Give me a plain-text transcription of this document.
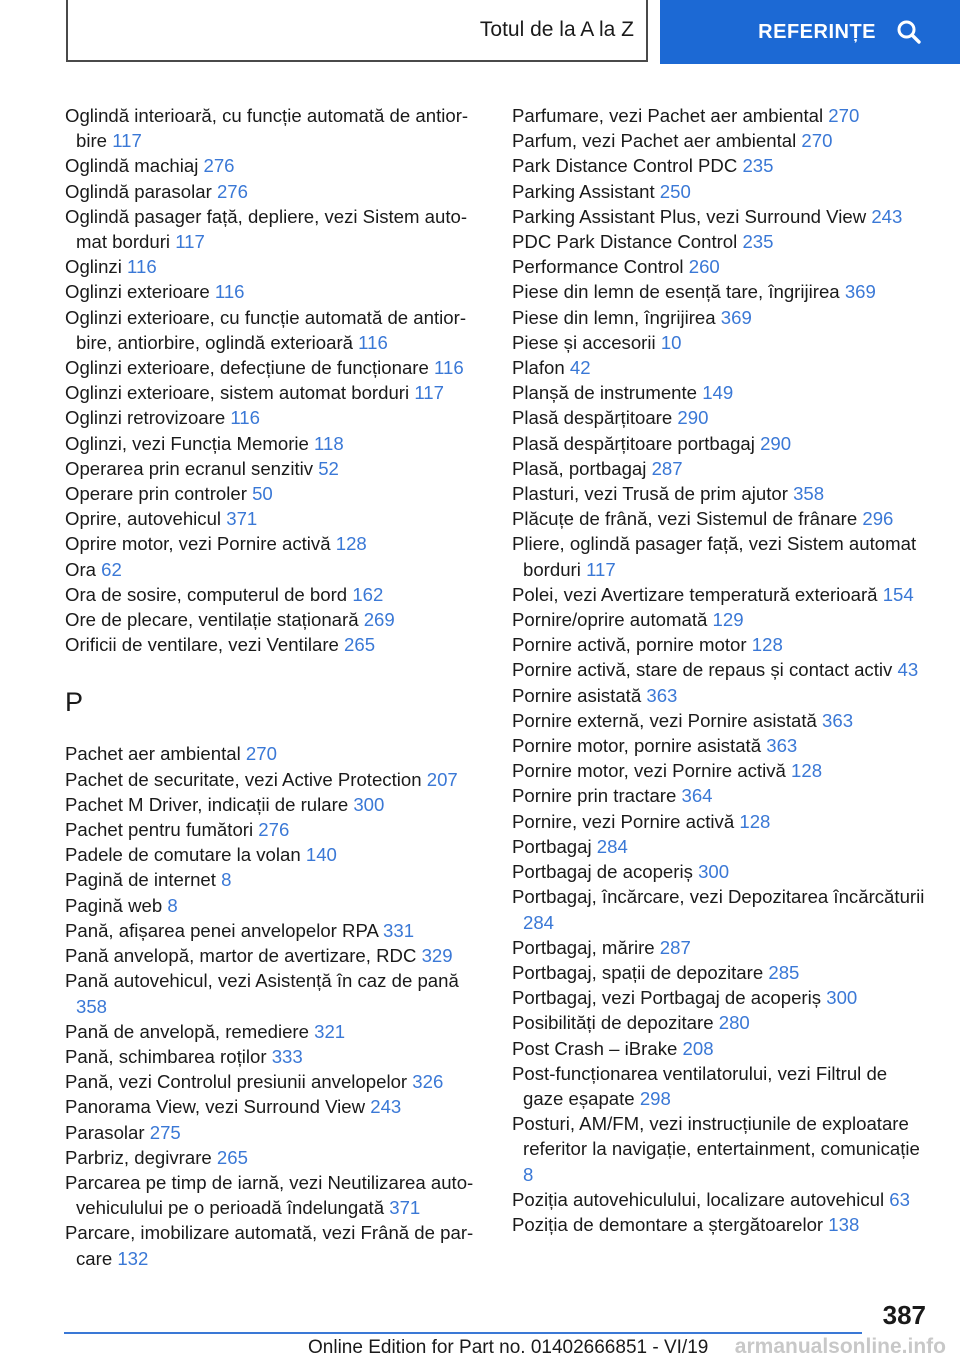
Totul de la A la Z	REFERINȚE

Oglindă interioară, cu funcție automată de antiorbire 117

Oglindă machiaj 276

Oglindă parasolar 276

Oglindă pasager față, depliere, vezi Sistem automat borduri 117

Oglinzi 116

Oglinzi exterioare 116

Oglinzi exterioare, cu funcție automată de antiorbire, antiorbire, oglindă exterioară 116

Oglinzi exterioare, defecțiune de funcționare 116

Oglinzi exterioare, sistem automat borduri 117

Oglinzi retrovizoare 116

Oglinzi, vezi Funcția Memorie 118

Operarea prin ecranul senzitiv 52

Operare prin controler 50

Oprire, autovehicul 371

Oprire motor, vezi Pornire activă 128

Ora 62

Ora de sosire, computerul de bord 162

Ore de plecare, ventilație staționară 269

Orificii de ventilare, vezi Ventilare 265

P

Pachet aer ambiental 270

Pachet de securitate, vezi Active Protection 207

Pachet M Driver, indicații de rulare 300

Pachet pentru fumători 276

Padele de comutare la volan 140

Pagină de internet 8

Pagină web 8

Pană, afișarea penei anvelopelor RPA 331

Pană anvelopă, martor de avertizare, RDC 329

Pană autovehicul, vezi Asistență în caz de pană 358

Pană de anvelopă, remediere 321

Pană, schimbarea roților 333

Pană, vezi Controlul presiunii anvelopelor 326

Panorama View, vezi Surround View 243

Parasolar 275

Parbriz, degivrare 265

Parcarea pe timp de iarnă, vezi Neutilizarea autovehiculului pe o perioadă îndelungată 371

Parcare, imobilizare automată, vezi Frână de parcare 132

Parfumare, vezi Pachet aer ambiental 270

Parfum, vezi Pachet aer ambiental 270

Park Distance Control PDC 235

Parking Assistant 250

Parking Assistant Plus, vezi Surround View 243

PDC Park Distance Control 235

Performance Control 260

Piese din lemn de esență tare, îngrijirea 369

Piese din lemn, îngrijirea 369

Piese și accesorii 10

Plafon 42

Planșă de instrumente 149

Plasă despărțitoare 290

Plasă despărțitoare portbagaj 290

Plasă, portbagaj 287

Plasturi, vezi Trusă de prim ajutor 358

Plăcuțe de frână, vezi Sistemul de frânare 296

Pliere, oglindă pasager față, vezi Sistem automat borduri 117

Polei, vezi Avertizare temperatură exterioară 154

Pornire/oprire automată 129

Pornire activă, pornire motor 128

Pornire activă, stare de repaus și contact activ 43

Pornire asistată 363

Pornire externă, vezi Pornire asistată 363

Pornire motor, pornire asistată 363

Pornire motor, vezi Pornire activă 128

Pornire prin tractare 364

Pornire, vezi Pornire activă 128

Portbagaj 284

Portbagaj de acoperiș 300

Portbagaj, încărcare, vezi Depozitarea încărcăturii 284

Portbagaj, mărire 287

Portbagaj, spații de depozitare 285

Portbagaj, vezi Portbagaj de acoperiș 300

Posibilități de depozitare 280

Post Crash – iBrake 208

Post-funcționarea ventilatorului, vezi Filtrul de gaze eșapate 298

Posturi, AM/FM, vezi instrucțiunile de exploatare referitor la navigație, entertainment, comunicație 8

Poziția autovehiculului, localizare autovehicul 63

Poziția de demontare a ștergătoarelor 138

387
Online Edition for Part no. 01402666851 - VI/19 armanualsonline.info
